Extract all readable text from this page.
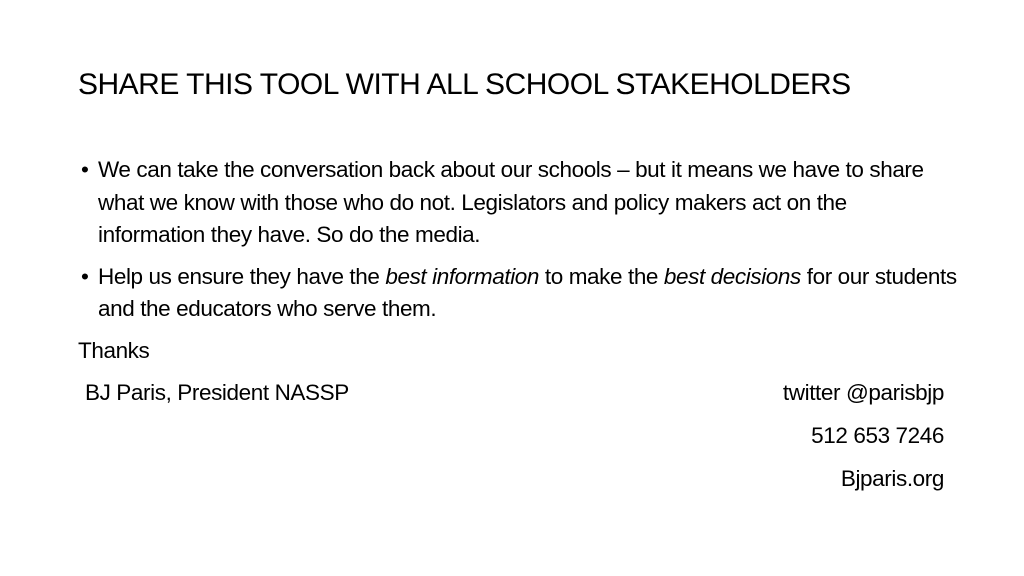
SHARE THIS TOOL WITH ALL SCHOOL STAKEHOLDERS
• We can take the conversation back about our schools – but it means we have to share what we know with those who do not. Legislators and policy makers act on the information they have. So do the media.
• Help us ensure they have the best information to make the best decisions for our students and the educators who serve them.
Thanks
BJ Paris, President NASSP	twitter @parisbjp
512 653 7246
Bjparis.org
